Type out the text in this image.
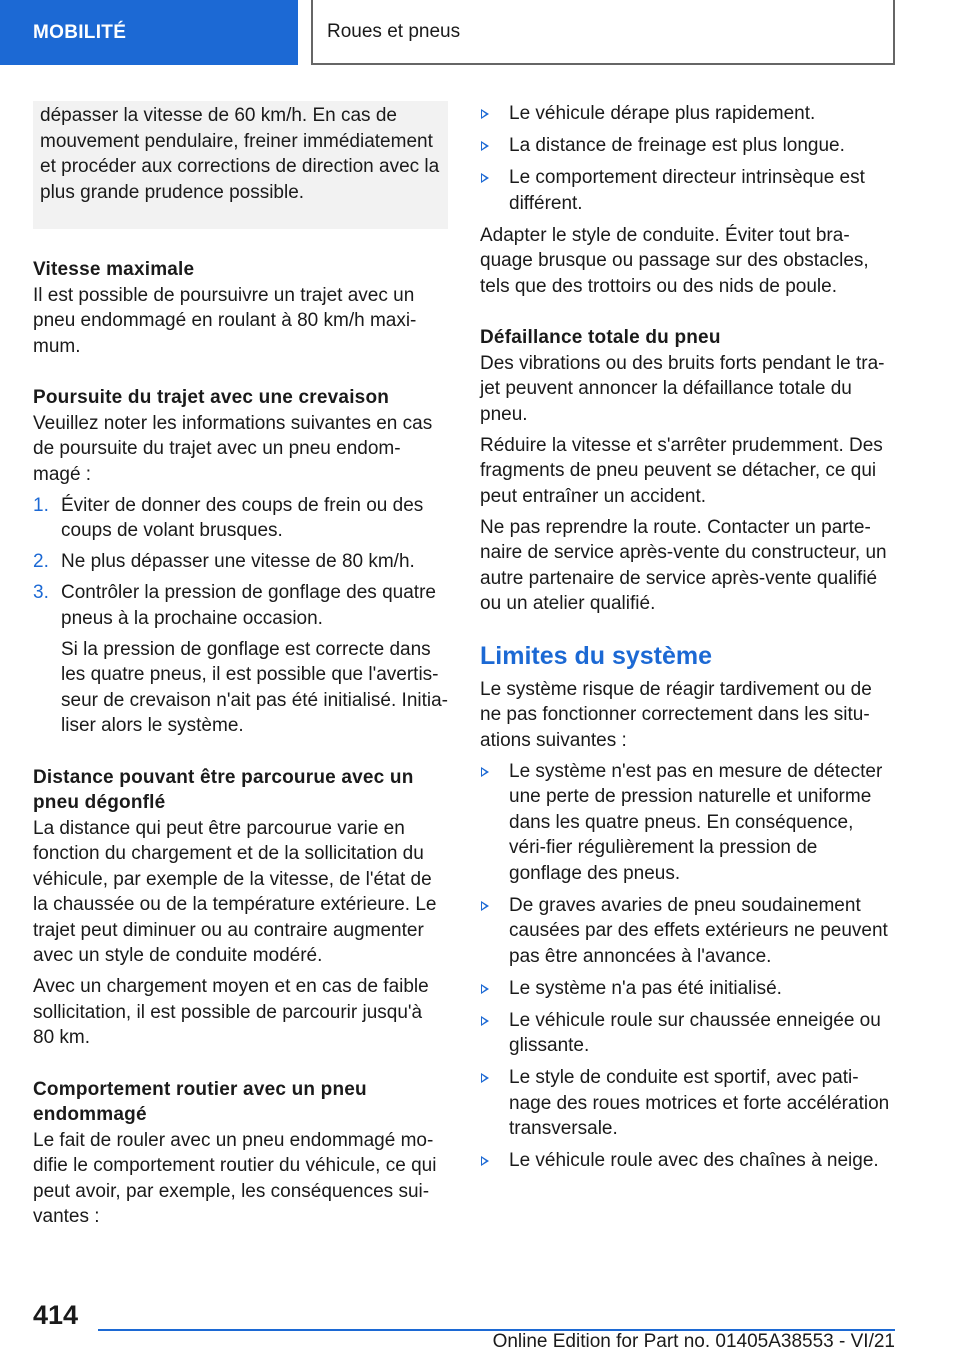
MOBILITÉ	Roues et pneus
dépasser la vitesse de 60 km/h. En cas de mouvement pendulaire, freiner immédiatement et procéder aux corrections de direction avec la plus grande prudence possible.

Vitesse maximale

Il est possible de poursuivre un trajet avec un pneu endommagé en roulant à 80 km/h maxi-mum.

Poursuite du trajet avec une crevaison

Veuillez noter les informations suivantes en cas de poursuite du trajet avec un pneu endom-magé :

1. Éviter de donner des coups de frein ou des coups de volant brusques.
2. Ne plus dépasser une vitesse de 80 km/h.
3. Contrôler la pression de gonflage des quatre pneus à la prochaine occasion.

Si la pression de gonflage est correcte dans les quatre pneus, il est possible que l'avertis-seur de crevaison n'ait pas été initialisé. Initia-liser alors le système.

Distance pouvant être parcourue avec un pneu dégonflé

La distance qui peut être parcourue varie en fonction du chargement et de la sollicitation du véhicule, par exemple de la vitesse, de l'état de la chaussée ou de la température extérieure. Le trajet peut diminuer ou au contraire augmenter avec un style de conduite modéré.

Avec un chargement moyen et en cas de faible sollicitation, il est possible de parcourir jusqu'à 80 km.

Comportement routier avec un pneu endommagé

Le fait de rouler avec un pneu endommagé mo-difie le comportement routier du véhicule, ce qui peut avoir, par exemple, les conséquences sui-vantes :

Le véhicule dérape plus rapidement.
La distance de freinage est plus longue.
Le comportement directeur intrinsèque est différent.

Adapter le style de conduite. Éviter tout bra-quage brusque ou passage sur des obstacles, tels que des trottoirs ou des nids de poule.

Défaillance totale du pneu

Des vibrations ou des bruits forts pendant le tra-jet peuvent annoncer la défaillance totale du pneu.

Réduire la vitesse et s'arrêter prudemment. Des fragments de pneu peuvent se détacher, ce qui peut entraîner un accident.

Ne pas reprendre la route. Contacter un parte-naire de service après-vente du constructeur, un autre partenaire de service après-vente qualifié ou un atelier qualifié.

Limites du système

Le système risque de réagir tardivement ou de ne pas fonctionner correctement dans les situ-ations suivantes :

Le système n'est pas en mesure de détecter une perte de pression naturelle et uniforme dans les quatre pneus. En conséquence, véri-fier régulièrement la pression de gonflage des pneus.
De graves avaries de pneu soudainement causées par des effets extérieurs ne peuvent pas être annoncées à l'avance.
Le système n'a pas été initialisé.
Le véhicule roule sur chaussée enneigée ou glissante.
Le style de conduite est sportif, avec pati-nage des roues motrices et forte accélération transversale.
Le véhicule roule avec des chaînes à neige.
414
Online Edition for Part no. 01405A38553 - VI/21
